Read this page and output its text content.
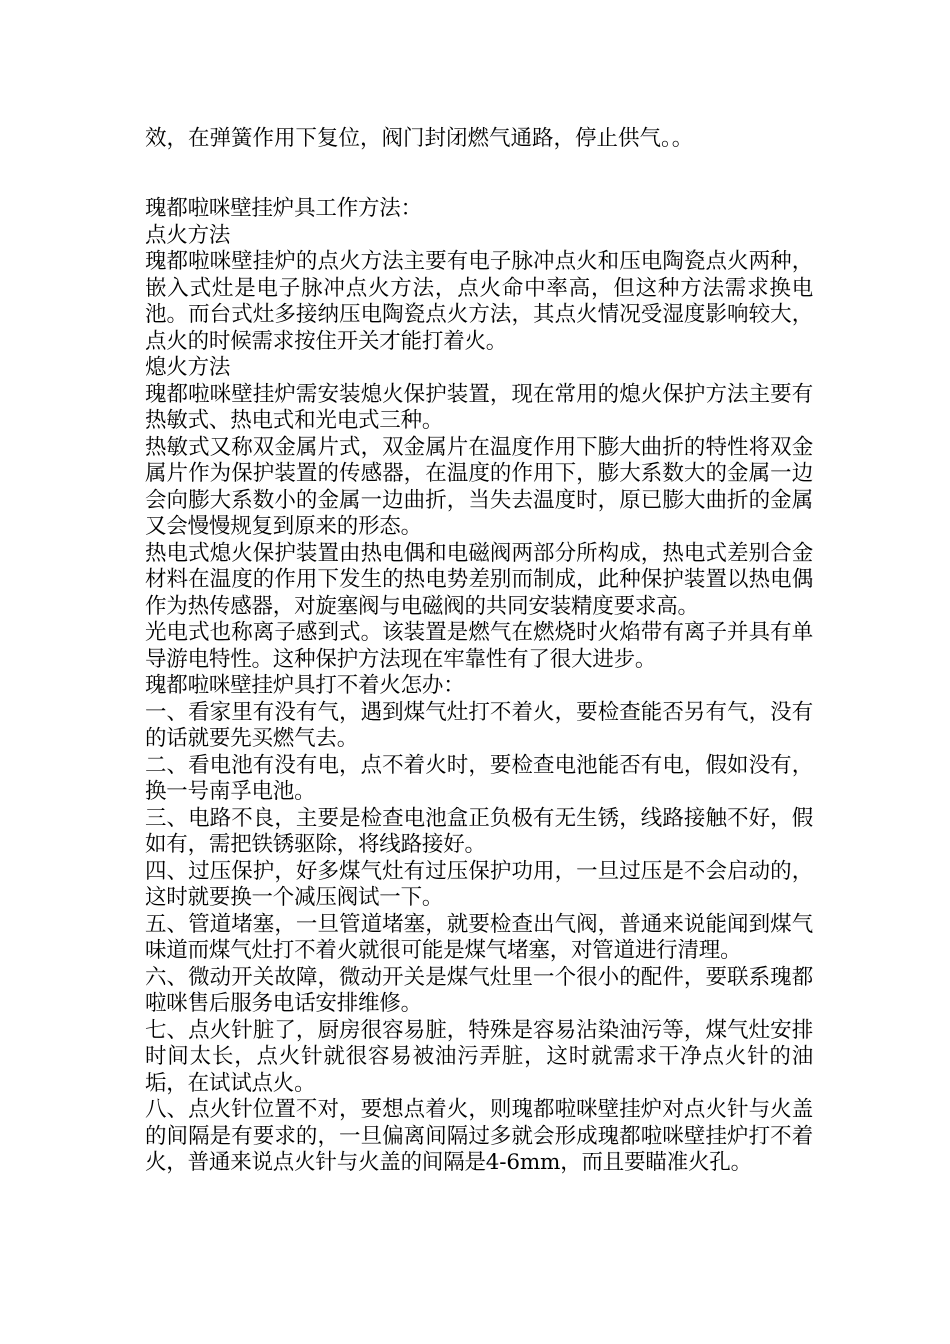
效，在弹簧作用下复位，阀门封闭燃气通路，停止供气。。

瑰都啦咪壁挂炉具工作方法：

点火方法

瑰都啦咪壁挂炉的点火方法主要有电子脉冲点火和压电陶瓷点火两种，嵌入式灶是电子脉冲点火方法，点火命中率高，但这种方法需求换电池。而台式灶多接纳压电陶瓷点火方法，其点火情况受湿度影响较大，点火的时候需求按住开关才能打着火。

熄火方法

瑰都啦咪壁挂炉需安装熄火保护装置，现在常用的熄火保护方法主要有热敏式、热电式和光电式三种。

热敏式又称双金属片式，双金属片在温度作用下膨大曲折的特性将双金属片作为保护装置的传感器，在温度的作用下，膨大系数大的金属一边会向膨大系数小的金属一边曲折，当失去温度时，原已膨大曲折的金属又会慢慢规复到原来的形态。

热电式熄火保护装置由热电偶和电磁阀两部分所构成，热电式差别合金材料在温度的作用下发生的热电势差别而制成，此种保护装置以热电偶作为热传感器，对旋塞阀与电磁阀的共同安装精度要求高。

光电式也称离子感到式。该装置是燃气在燃烧时火焰带有离子并具有单导游电特性。这种保护方法现在牢靠性有了很大进步。

瑰都啦咪壁挂炉具打不着火怎办：

一、看家里有没有气，遇到煤气灶打不着火，要检查能否另有气，没有的话就要先买燃气去。

二、看电池有没有电，点不着火时，要检查电池能否有电，假如没有，换一号南孚电池。

三、电路不良，主要是检查电池盒正负极有无生锈，线路接触不好，假如有，需把铁锈驱除，将线路接好。

四、过压保护，好多煤气灶有过压保护功用，一旦过压是不会启动的，这时就要换一个减压阀试一下。

五、管道堵塞，一旦管道堵塞，就要检查出气阀，普通来说能闻到煤气味道而煤气灶打不着火就很可能是煤气堵塞，对管道进行清理。

六、微动开关故障，微动开关是煤气灶里一个很小的配件，要联系瑰都啦咪售后服务电话安排维修。

七、点火针脏了，厨房很容易脏，特殊是容易沾染油污等，煤气灶安排时间太长，点火针就很容易被油污弄脏，这时就需求干净点火针的油垢，在试试点火。

八、点火针位置不对，要想点着火，则瑰都啦咪壁挂炉对点火针与火盖的间隔是有要求的，一旦偏离间隔过多就会形成瑰都啦咪壁挂炉打不着火，普通来说点火针与火盖的间隔是4-6mm，而且要瞄准火孔。
